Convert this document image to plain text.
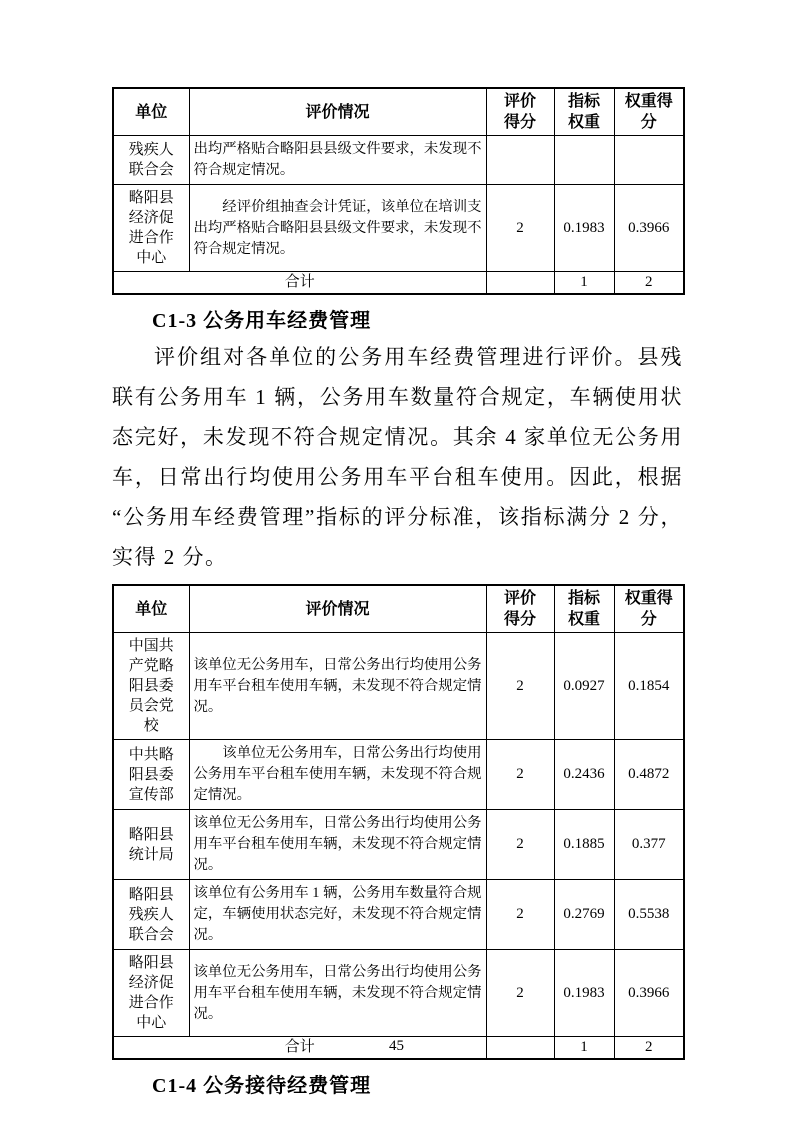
单位	评价情况	评价得分	指标权重	权重得分
残疾人联合会	出均严格贴合略阳县县级文件要求，未发现不符合规定情况。			
略阳县经济促进合作中心	经评价组抽查会计凭证，该单位在培训支出均严格贴合略阳县县级文件要求，未发现不符合规定情况。	2	0.1983	0.3966
合计			1	2
C1-3 公务用车经费管理
评价组对各单位的公务用车经费管理进行评价。县残联有公务用车 1 辆，公务用车数量符合规定，车辆使用状态完好，未发现不符合规定情况。其余 4 家单位无公务用车，日常出行均使用公务用车平台租车使用。因此，根据“公务用车经费管理”指标的评分标准，该指标满分 2 分，实得 2 分。
单位	评价情况	评价得分	指标权重	权重得分
中国共产党略阳县委员会党校	该单位无公务用车，日常公务出行均使用公务用车平台租车使用车辆，未发现不符合规定情况。	2	0.0927	0.1854
中共略阳县委宣传部	该单位无公务用车，日常公务出行均使用公务用车平台租车使用车辆，未发现不符合规定情况。	2	0.2436	0.4872
略阳县统计局	该单位无公务用车，日常公务出行均使用公务用车平台租车使用车辆，未发现不符合规定情况。	2	0.1885	0.377
略阳县残疾人联合会	该单位有公务用车 1 辆，公务用车数量符合规定，车辆使用状态完好，未发现不符合规定情况。	2	0.2769	0.5538
略阳县经济促进合作中心	该单位无公务用车，日常公务出行均使用公务用车平台租车使用车辆，未发现不符合规定情况。	2	0.1983	0.3966
合计			1	2
C1-4 公务接待经费管理
45
